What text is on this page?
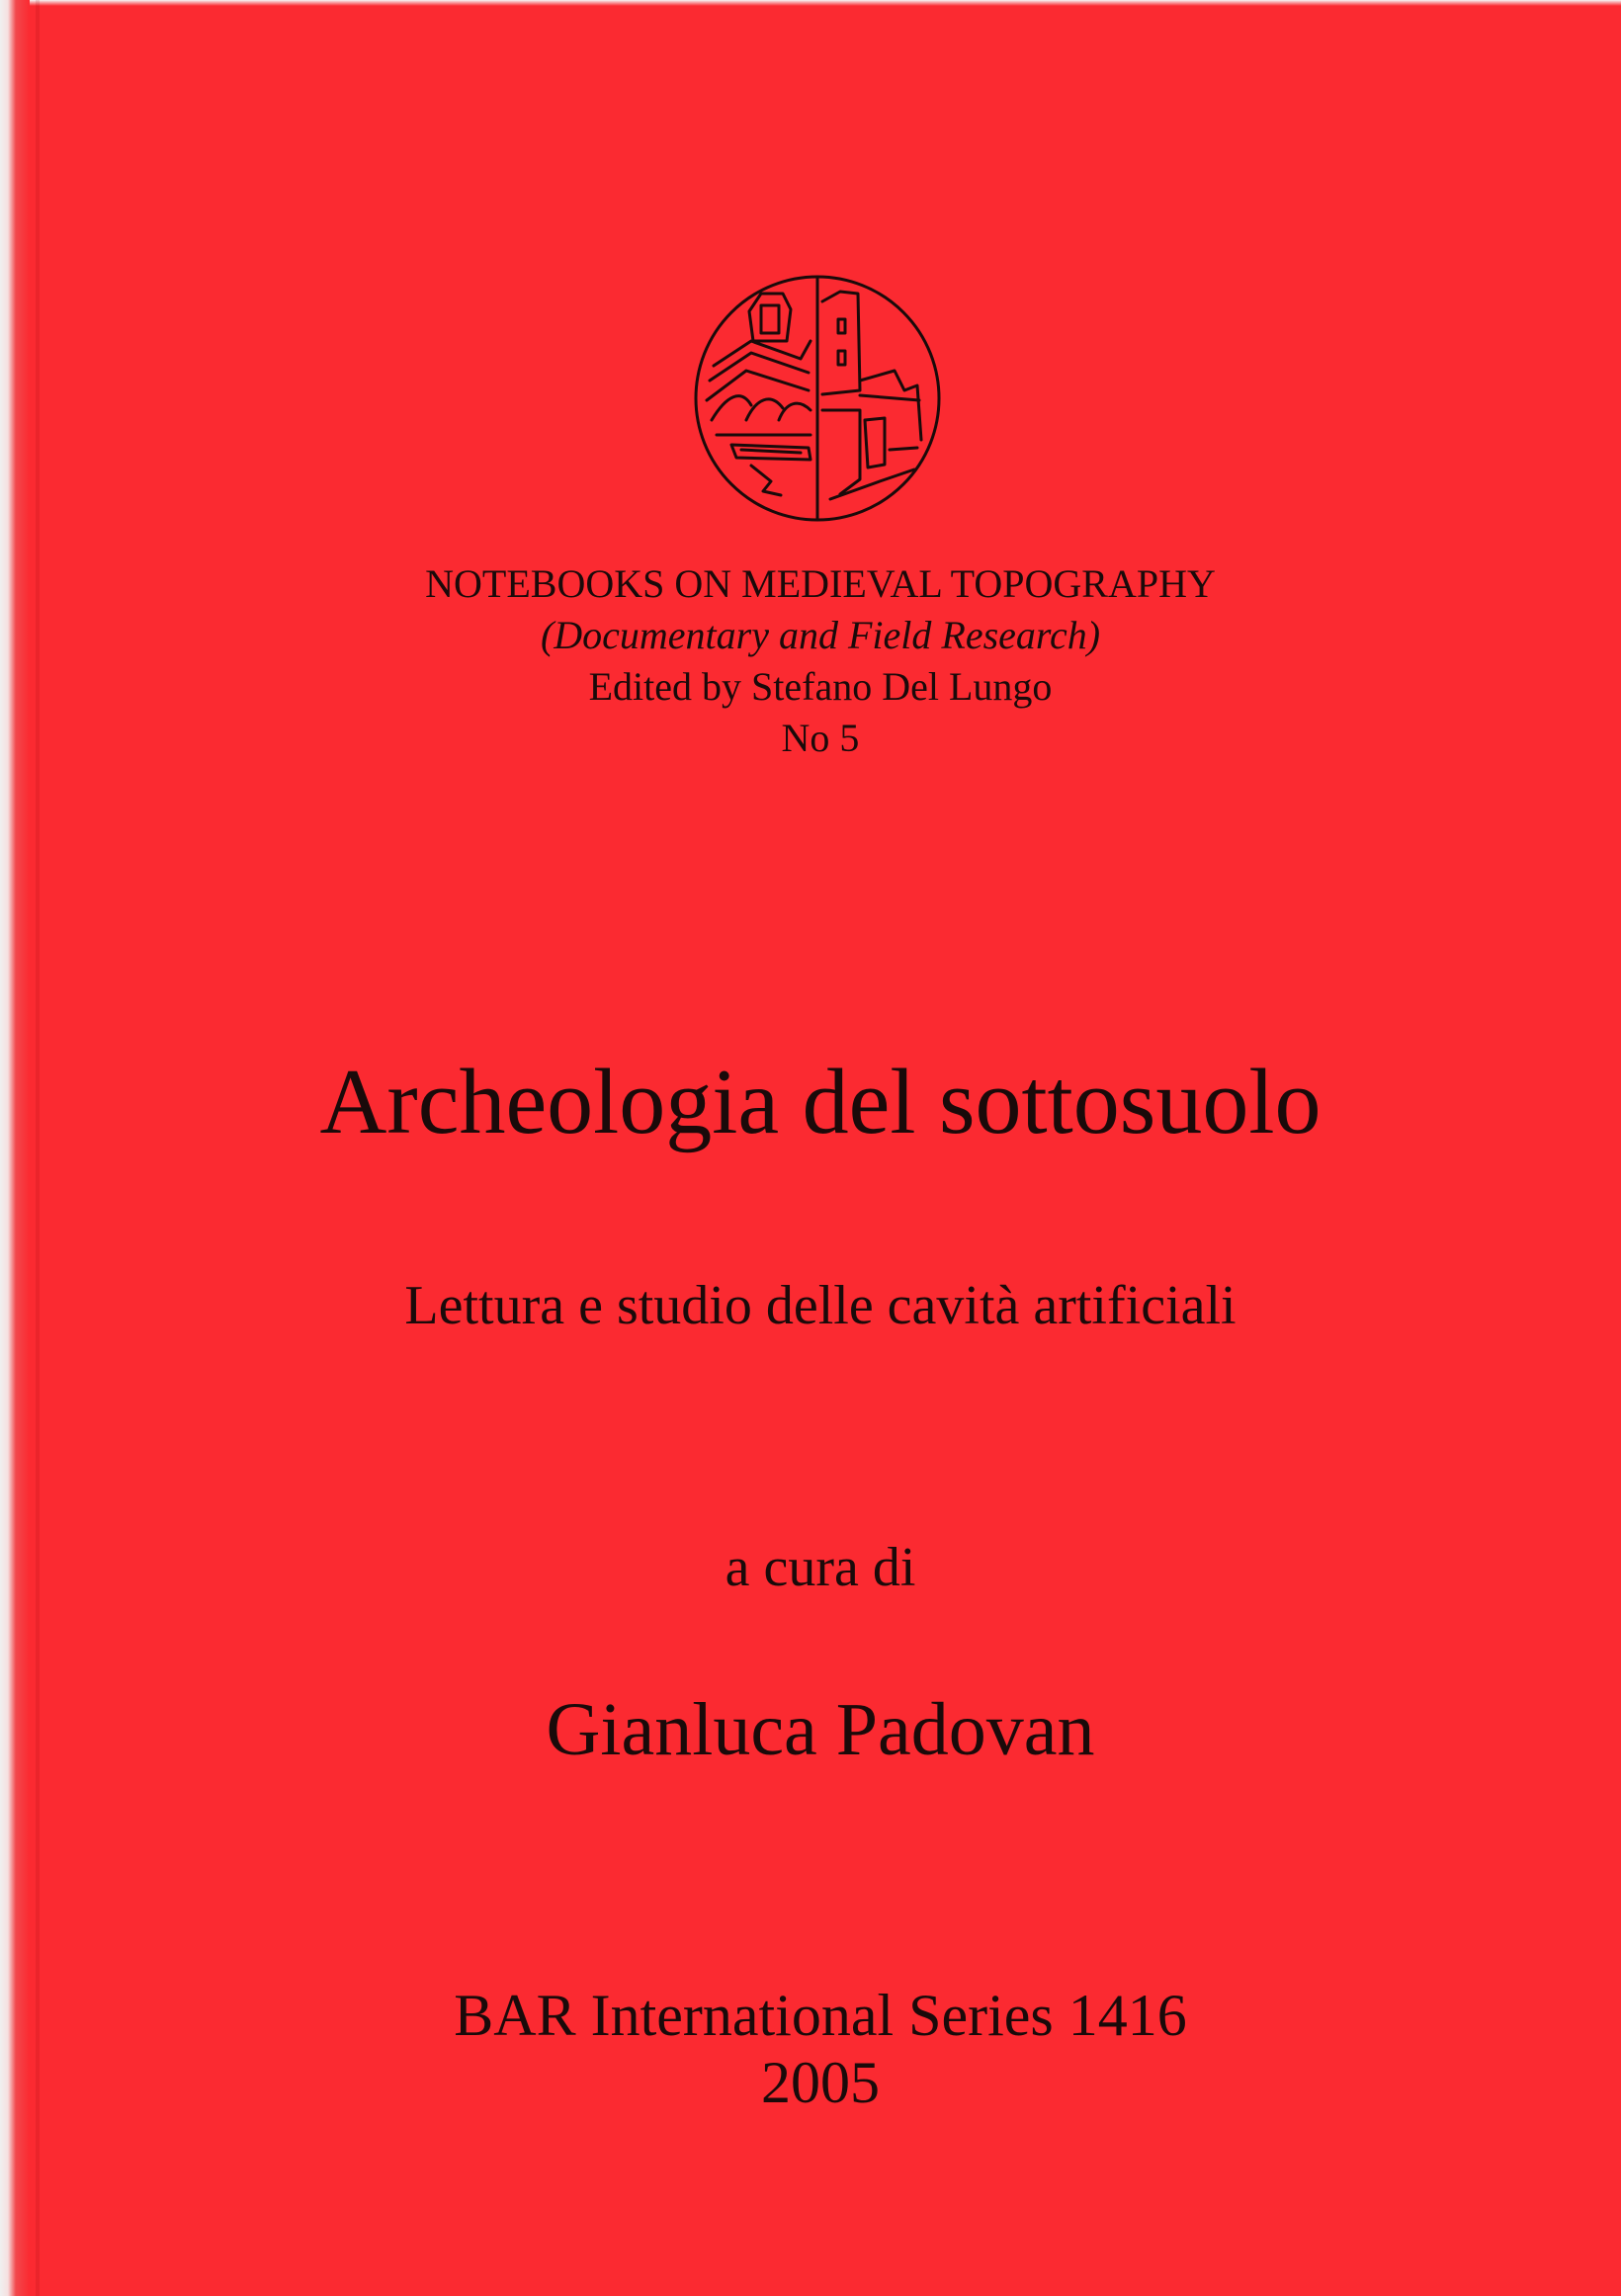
NOTEBOOKS ON MEDIEVAL TOPOGRAPHY
(Documentary and Field Research)
Edited by Stefano Del Lungo
No 5
Archeologia del sottosuolo
Lettura e studio delle cavità artificiali
a cura di
Gianluca Padovan
BAR International Series 1416
2005
